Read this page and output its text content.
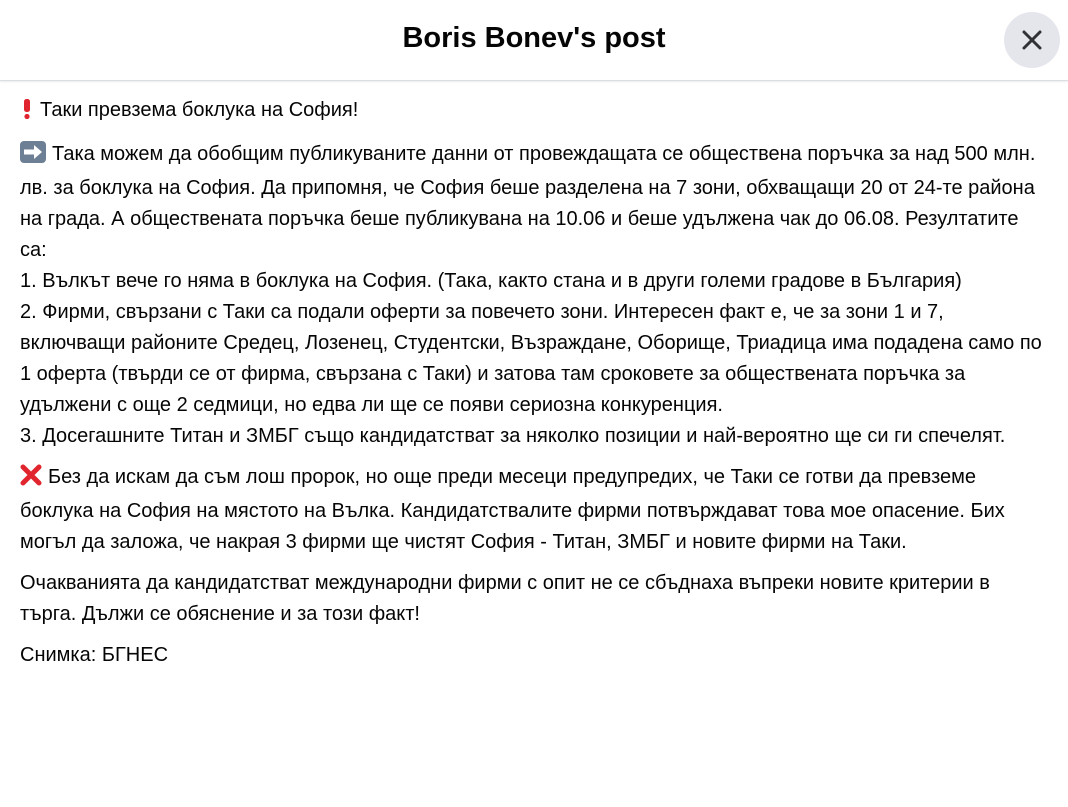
Boris Bonev's post

Таки превзема боклука на София!

Така можем да обобщим публикуваните данни от провеждащата се обществена поръчка за над 500 млн. лв. за боклука на София. Да припомня, че София беше разделена на 7 зони, обхващащи 20 от 24-те района на града. А обществената поръчка беше публикувана на 10.06 и беше удължена чак до 06.08. Резултатите са:
1. Вълкът вече го няма в боклука на София. (Така, както стана и в други големи градове в България)
2. Фирми, свързани с Таки са подали оферти за повечето зони. Интересен факт е, че за зони 1 и 7, включващи районите Средец, Лозенец, Студентски, Възраждане, Оборище, Триадица има подадена само по 1 оферта (твърди се от фирма, свързана с Таки) и затова там сроковете за обществената поръчка за удължени с още 2 седмици, но едва ли ще се появи сериозна конкуренция.
3. Досегашните Титан и ЗМБГ също кандидатстват за няколко позиции и най-вероятно ще си ги спечелят.

Без да искам да съм лош пророк, но още преди месеци предупредих, че Таки се готви да превземе боклука на София на мястото на Вълка. Кандидатствалите фирми потвърждават това мое опасение. Бих могъл да заложа, че накрая 3 фирми ще чистят София - Титан, ЗМБГ и новите фирми на Таки.

Очакванията да кандидатстват международни фирми с опит не се сбъднаха въпреки новите критерии в търга. Дължи се обяснение и за този факт!

Снимка: БГНЕС
